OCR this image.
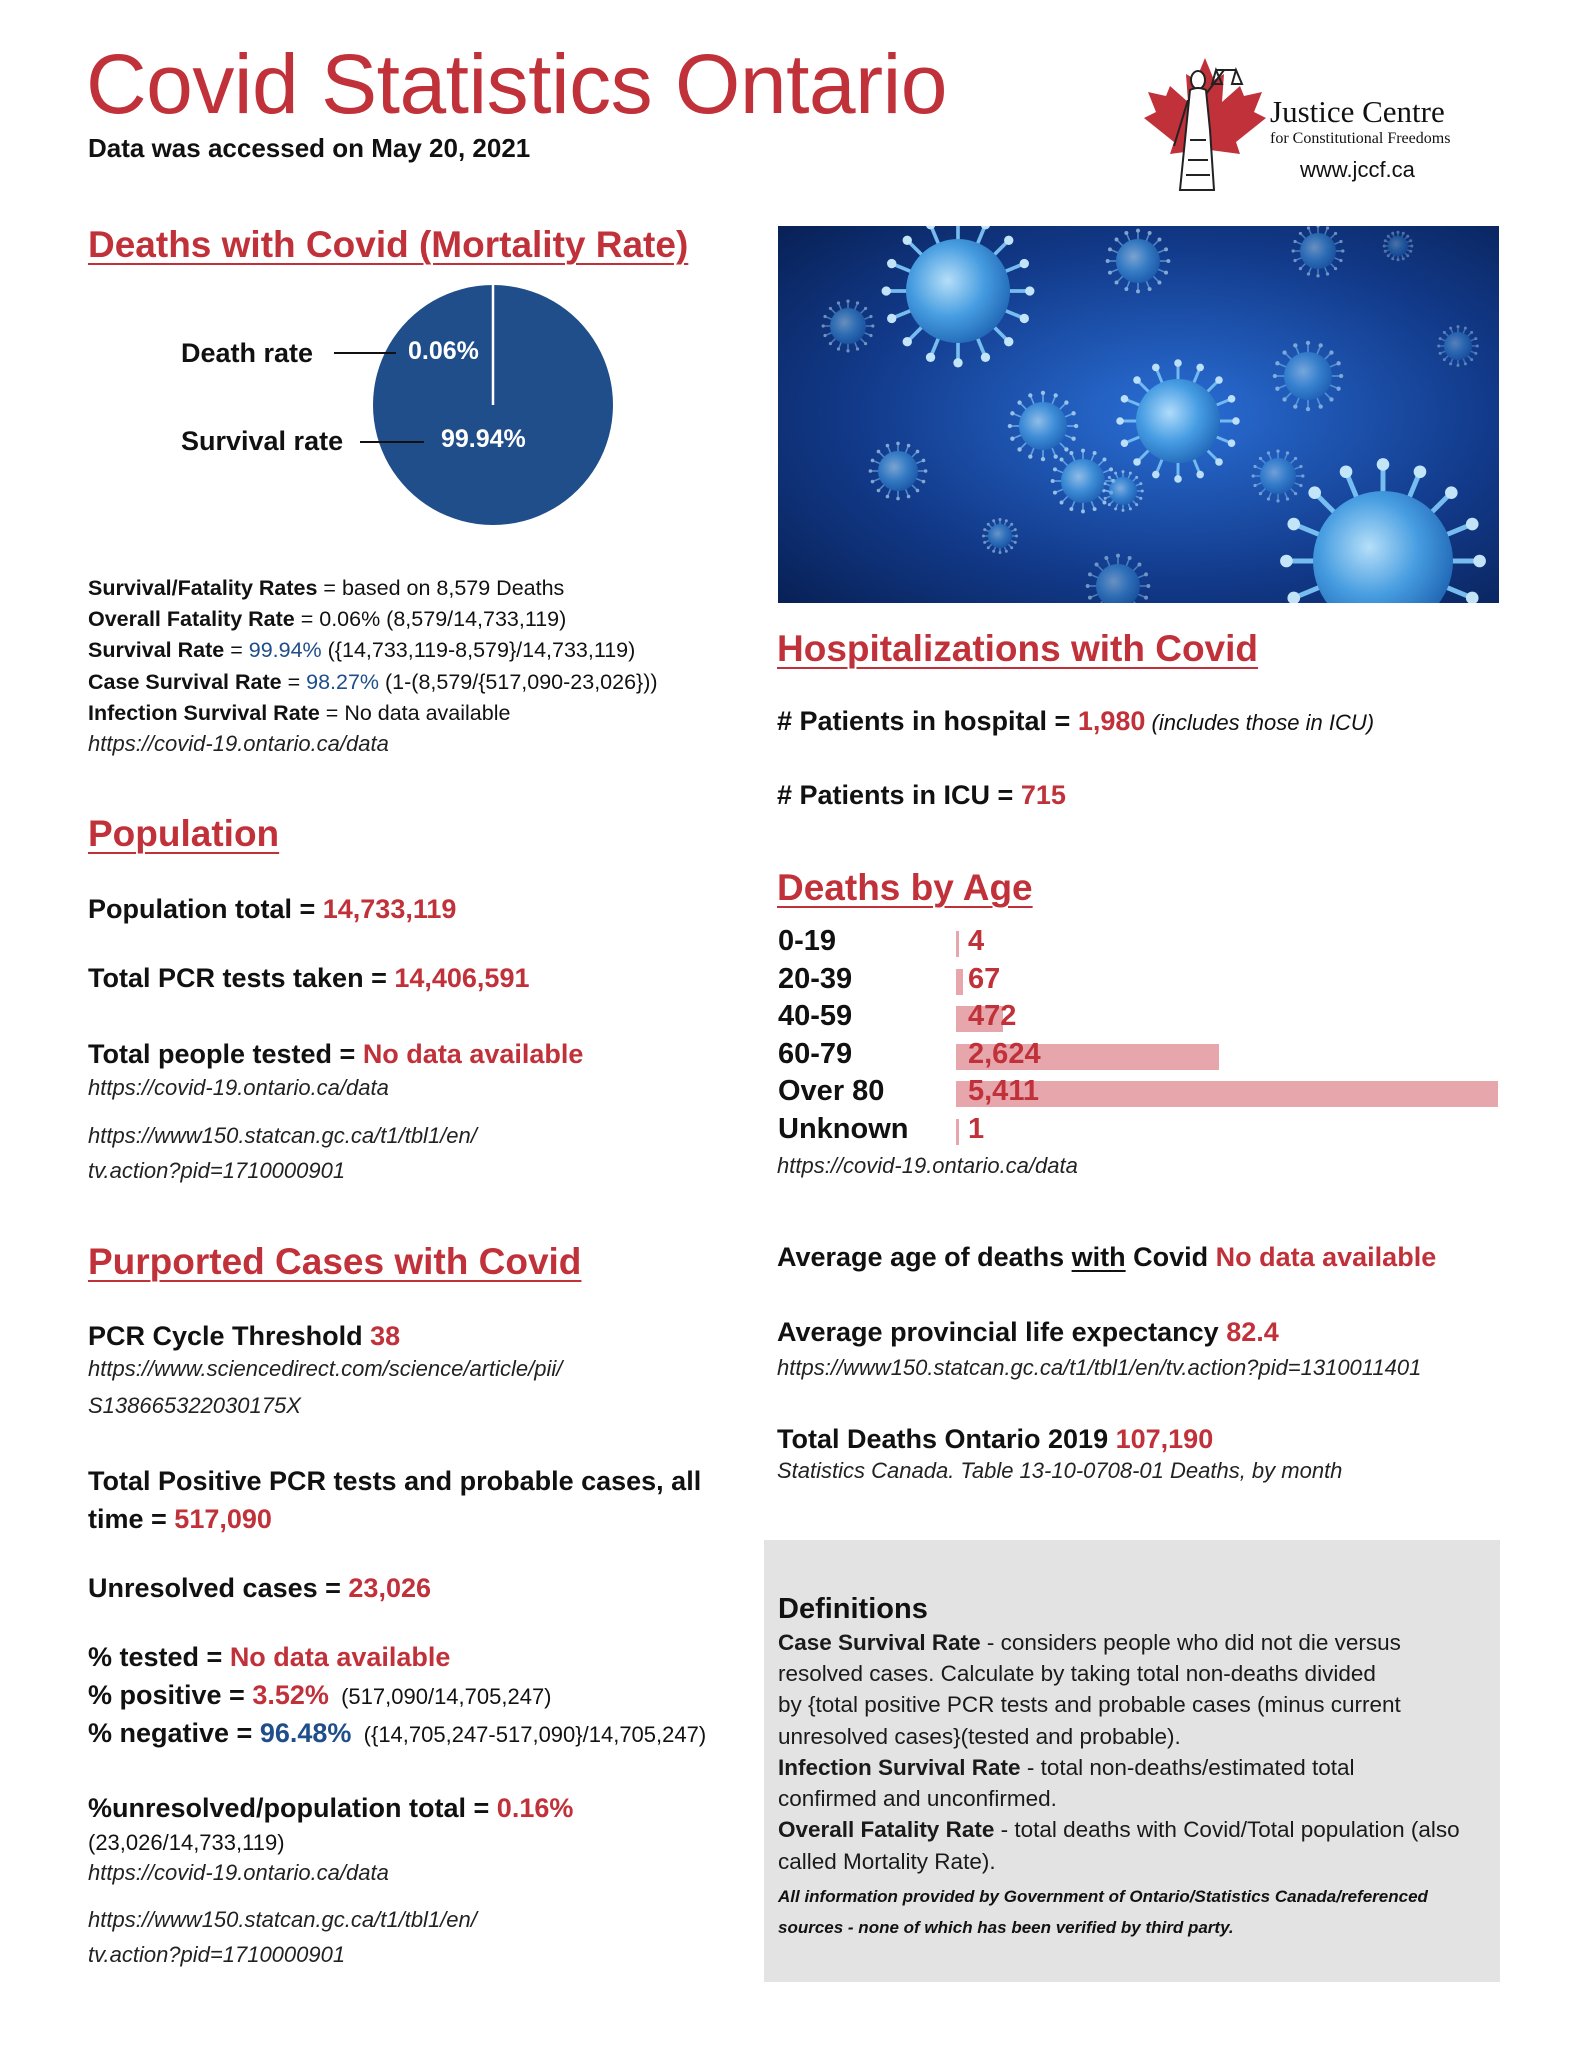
Covid Statistics Ontario
Data was accessed on May 20, 2021
Justice Centre
for Constitutional Freedoms
www.jccf.ca
Deaths with Covid (Mortality Rate)
Death rate	0.06%
Survival rate	99.94%
Survival/Fatality Rates = based on 8,579 Deaths
Overall Fatality Rate = 0.06% (8,579/14,733,119)
Survival Rate = 99.94% ({14,733,119-8,579}/14,733,119)
Case Survival Rate = 98.27% (1-(8,579/{517,090-23,026}))
Infection Survival Rate = No data available
https://covid-19.ontario.ca/data
Population
Population total = 14,733,119
Total PCR tests taken = 14,406,591
Total people tested = No data available
https://covid-19.ontario.ca/data
https://www150.statcan.gc.ca/t1/tbl1/en/
tv.action?pid=1710000901
Purported Cases with Covid
PCR Cycle Threshold 38
https://www.sciencedirect.com/science/article/pii/
S138665322030175X
Total Positive PCR tests and probable cases, all
time = 517,090
Unresolved cases = 23,026
% tested = No data available
% positive = 3.52% (517,090/14,705,247)
% negative = 96.48% ({14,705,247-517,090}/14,705,247)
%unresolved/population total = 0.16%
(23,026/14,733,119)
https://covid-19.ontario.ca/data
https://www150.statcan.gc.ca/t1/tbl1/en/
tv.action?pid=1710000901
Hospitalizations with Covid
# Patients in hospital = 1,980 (includes those in ICU)
# Patients in ICU = 715
Deaths by Age
0-19	4
20-39	67
40-59	472
60-79	2,624
Over 80	5,411
Unknown 1
https://covid-19.ontario.ca/data
Average age of deaths with Covid No data available
Average provincial life expectancy 82.4
https://www150.statcan.gc.ca/t1/tbl1/en/tv.action?pid=1310011401
Total Deaths Ontario 2019 107,190
Statistics Canada. Table 13-10-0708-01 Deaths, by month
Definitions
Case Survival Rate - considers people who did not die versus
resolved cases. Calculate by taking total non-deaths divided
by {total positive PCR tests and probable cases (minus current
unresolved cases}(tested and probable).
Infection Survival Rate - total non-deaths/estimated total
confirmed and unconfirmed.
Overall Fatality Rate - total deaths with Covid/Total population (also
called Mortality Rate).
All information provided by Government of Ontario/Statistics Canada/referenced
sources - none of which has been verified by third party.
